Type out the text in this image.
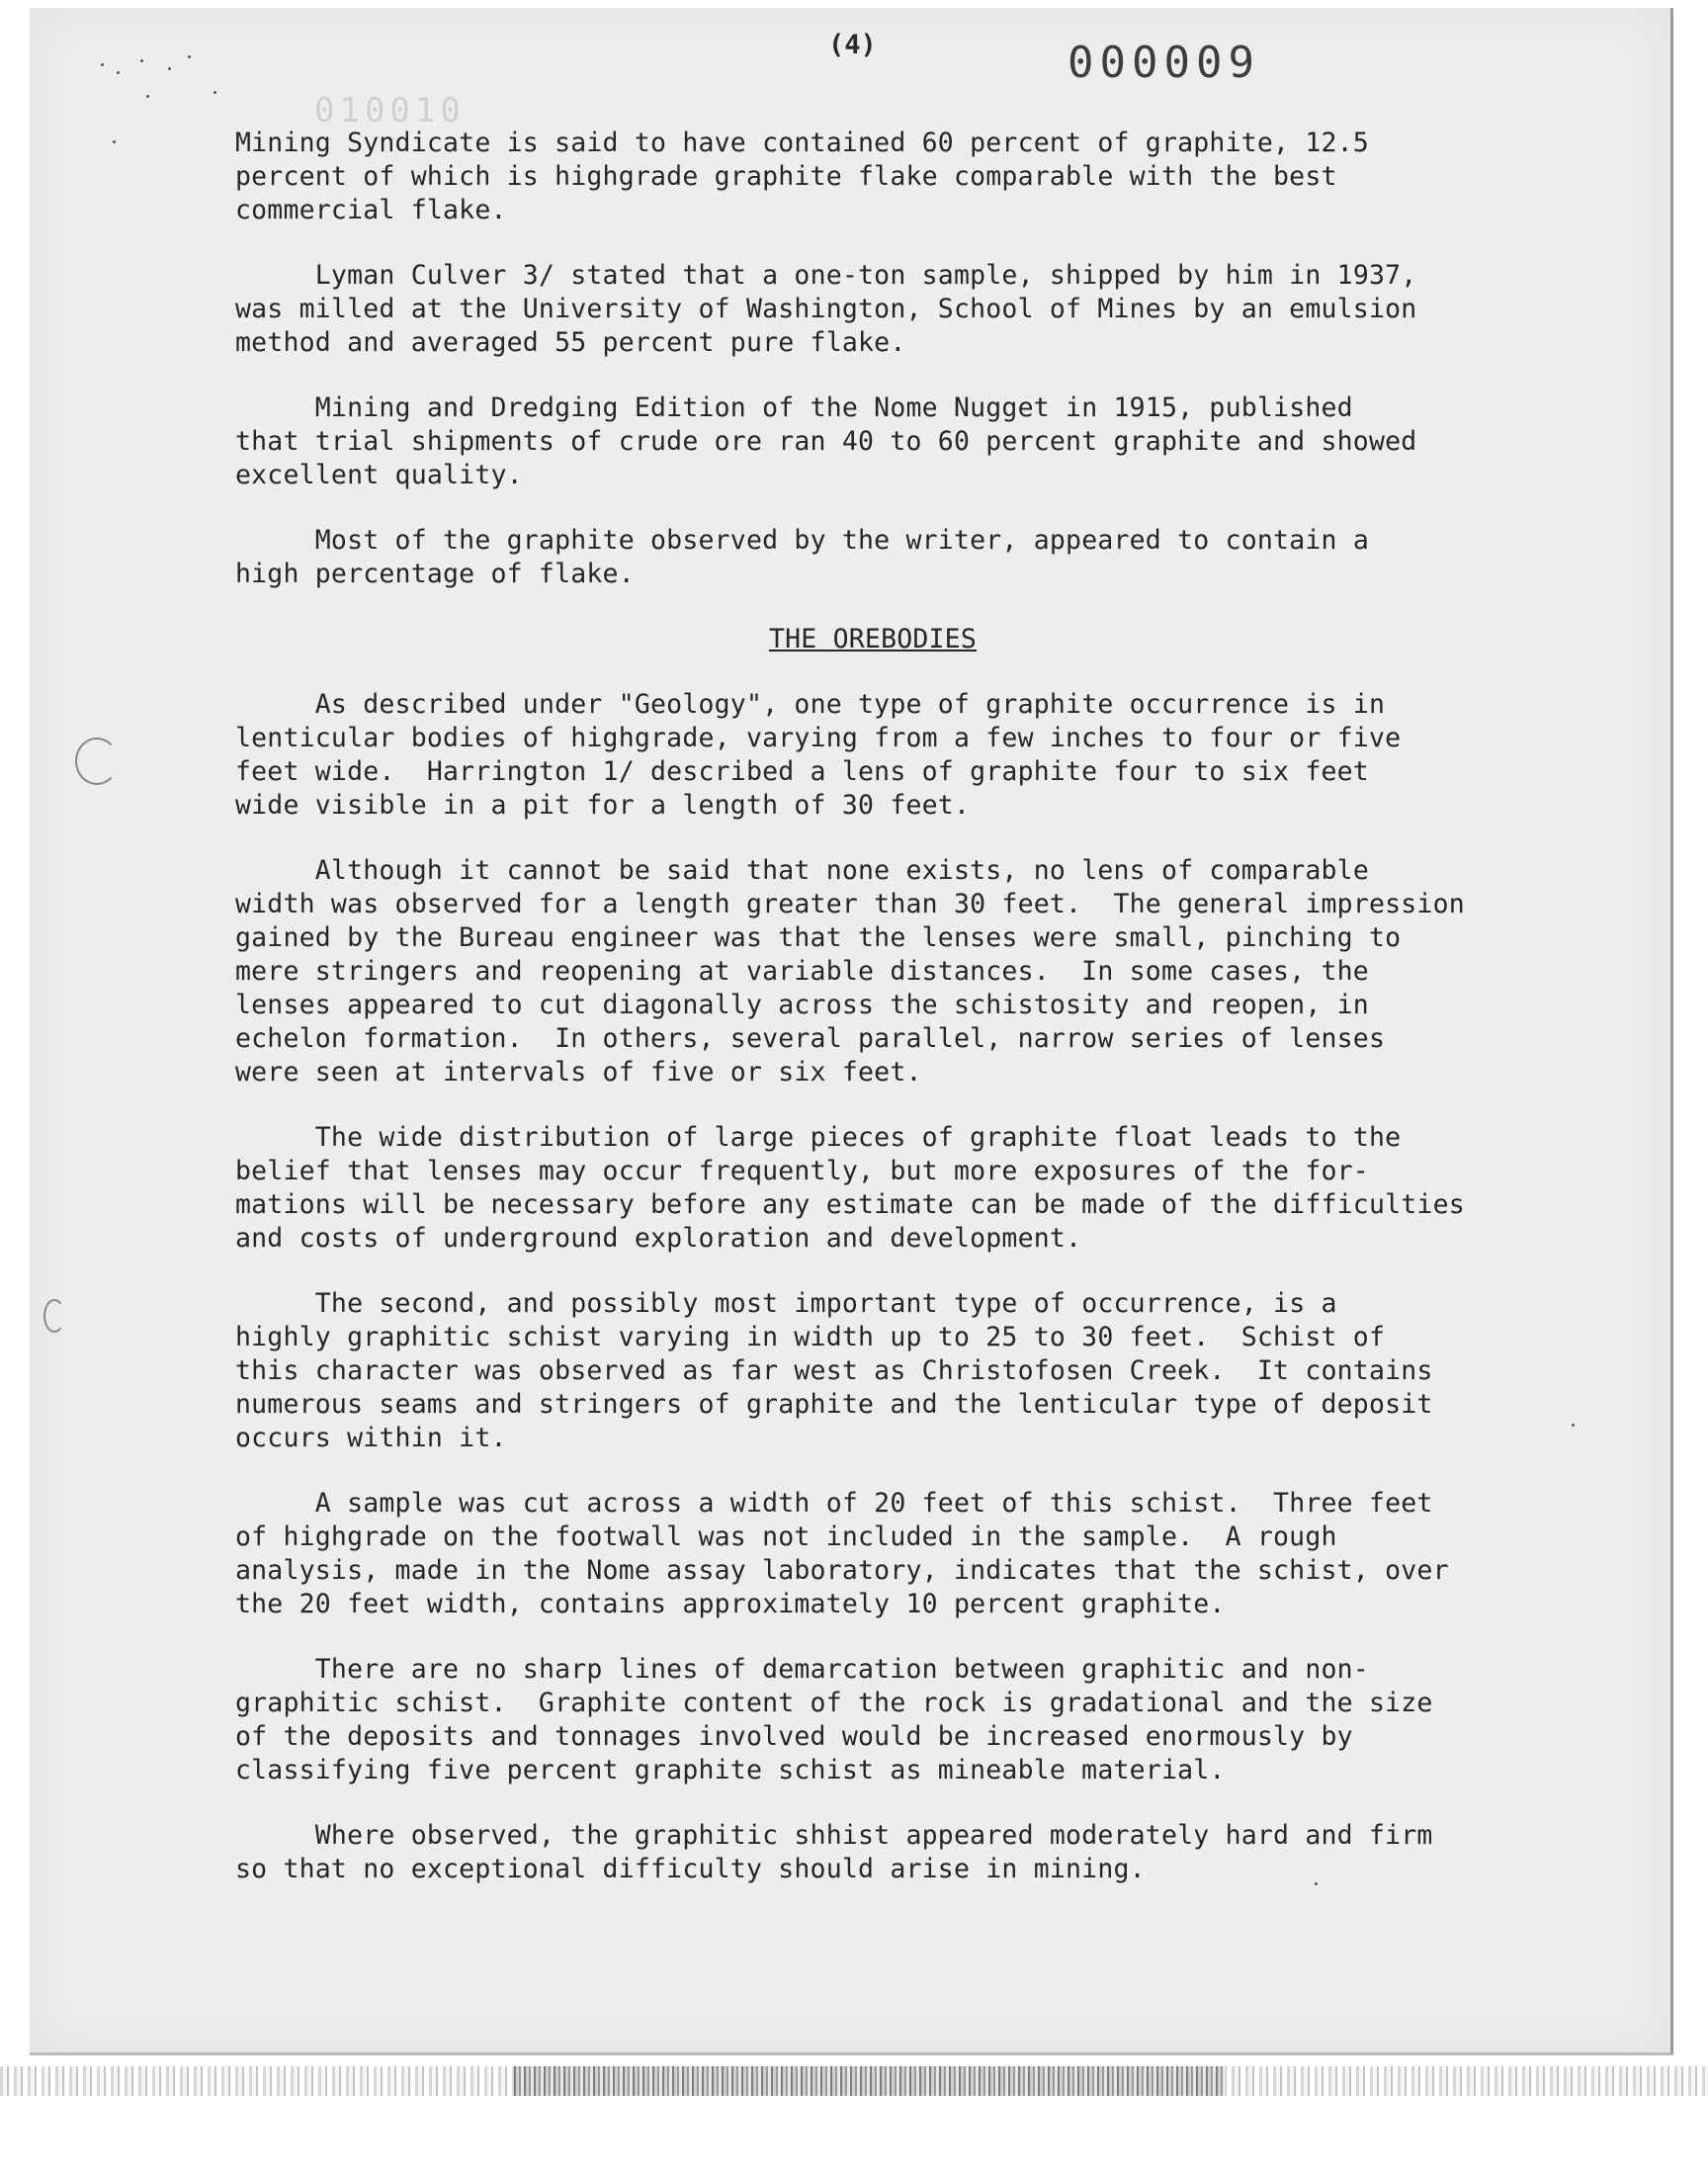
(4)	000009
010010

Mining Syndicate is said to have contained 60 percent of graphite, 12.5
percent of which is highgrade graphite flake comparable with the best
commercial flake.

Lyman Culver 3/ stated that a one-ton sample, shipped by him in 1937,
was milled at the University of Washington, School of Mines by an emulsion
method and averaged 55 percent pure flake.

Mining and Dredging Edition of the Nome Nugget in 1915, published
that trial shipments of crude ore ran 40 to 60 percent graphite and showed
excellent quality.

Most of the graphite observed by the writer, appeared to contain a
high percentage of flake.

THE OREBODIES

As described under "Geology", one type of graphite occurrence is in
lenticular bodies of highgrade, varying from a few inches to four or five
feet wide.  Harrington 1/ described a lens of graphite four to six feet
wide visible in a pit for a length of 30 feet.

Although it cannot be said that none exists, no lens of comparable
width was observed for a length greater than 30 feet.  The general impression
gained by the Bureau engineer was that the lenses were small, pinching to
mere stringers and reopening at variable distances.  In some cases, the
lenses appeared to cut diagonally across the schistosity and reopen, in
echelon formation.  In others, several parallel, narrow series of lenses
were seen at intervals of five or six feet.

The wide distribution of large pieces of graphite float leads to the
belief that lenses may occur frequently, but more exposures of the for-
mations will be necessary before any estimate can be made of the difficulties
and costs of underground exploration and development.

The second, and possibly most important type of occurrence, is a
highly graphitic schist varying in width up to 25 to 30 feet.  Schist of
this character was observed as far west as Christofosen Creek.  It contains
numerous seams and stringers of graphite and the lenticular type of deposit
occurs within it.

A sample was cut across a width of 20 feet of this schist.  Three feet
of highgrade on the footwall was not included in the sample.  A rough
analysis, made in the Nome assay laboratory, indicates that the schist, over
the 20 feet width, contains approximately 10 percent graphite.

There are no sharp lines of demarcation between graphitic and non-
graphitic schist.  Graphite content of the rock is gradational and the size
of the deposits and tonnages involved would be increased enormously by
classifying five percent graphite schist as mineable material.

Where observed, the graphitic shhist appeared moderately hard and firm
so that no exceptional difficulty should arise in mining.
